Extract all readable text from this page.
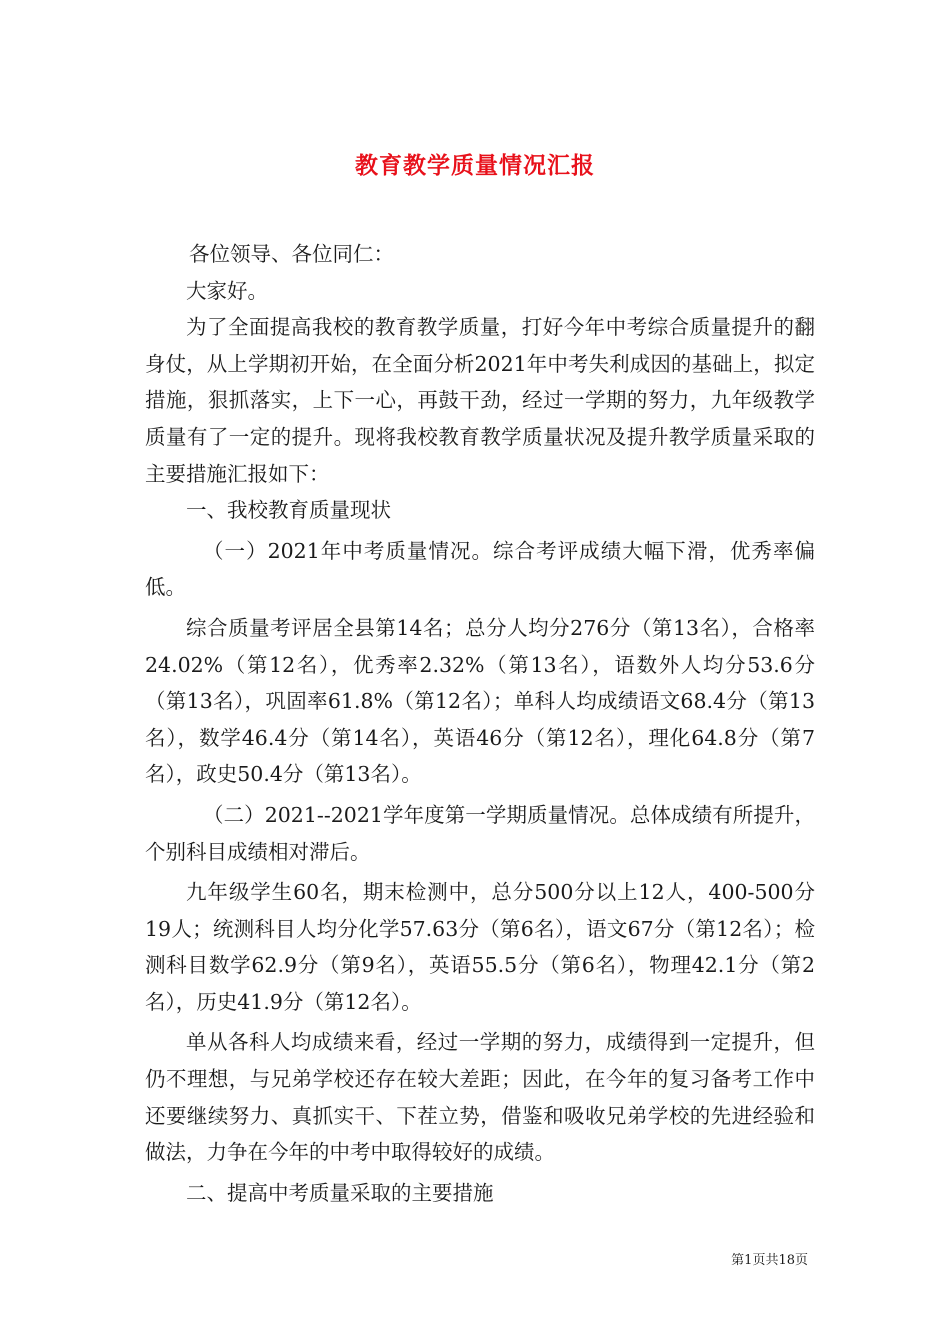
教育教学质量情况汇报

各位领导、各位同仁：

大家好。

为了全面提高我校的教育教学质量，打好今年中考综合质量提升的翻身仗，从上学期初开始，在全面分析2021年中考失利成因的基础上，拟定措施，狠抓落实，上下一心，再鼓干劲，经过一学期的努力，九年级教学质量有了一定的提升。现将我校教育教学质量状况及提升教学质量采取的主要措施汇报如下：

一、我校教育质量现状

（一）2021年中考质量情况。综合考评成绩大幅下滑，优秀率偏低。

综合质量考评居全县第14名；总分人均分276分（第13名），合格率24.02%（第12名），优秀率2.32%（第13名），语数外人均分53.6分（第13名），巩固率61.8%（第12名）；单科人均成绩语文68.4分（第13名），数学46.4分（第14名），英语46分（第12名），理化64.8分（第7名），政史50.4分（第13名）。

（二）2021--2021学年度第一学期质量情况。总体成绩有所提升，个别科目成绩相对滞后。

九年级学生60名，期末检测中，总分500分以上12人，400-500分19人；统测科目人均分化学57.63分（第6名），语文67分（第12名）；检测科目数学62.9分（第9名），英语55.5分（第6名），物理42.1分（第2名），历史41.9分（第12名）。

单从各科人均成绩来看，经过一学期的努力，成绩得到一定提升，但仍不理想，与兄弟学校还存在较大差距；因此，在今年的复习备考工作中还要继续努力、真抓实干、下茬立势，借鉴和吸收兄弟学校的先进经验和做法，力争在今年的中考中取得较好的成绩。

二、提高中考质量采取的主要措施

第1页共18页
